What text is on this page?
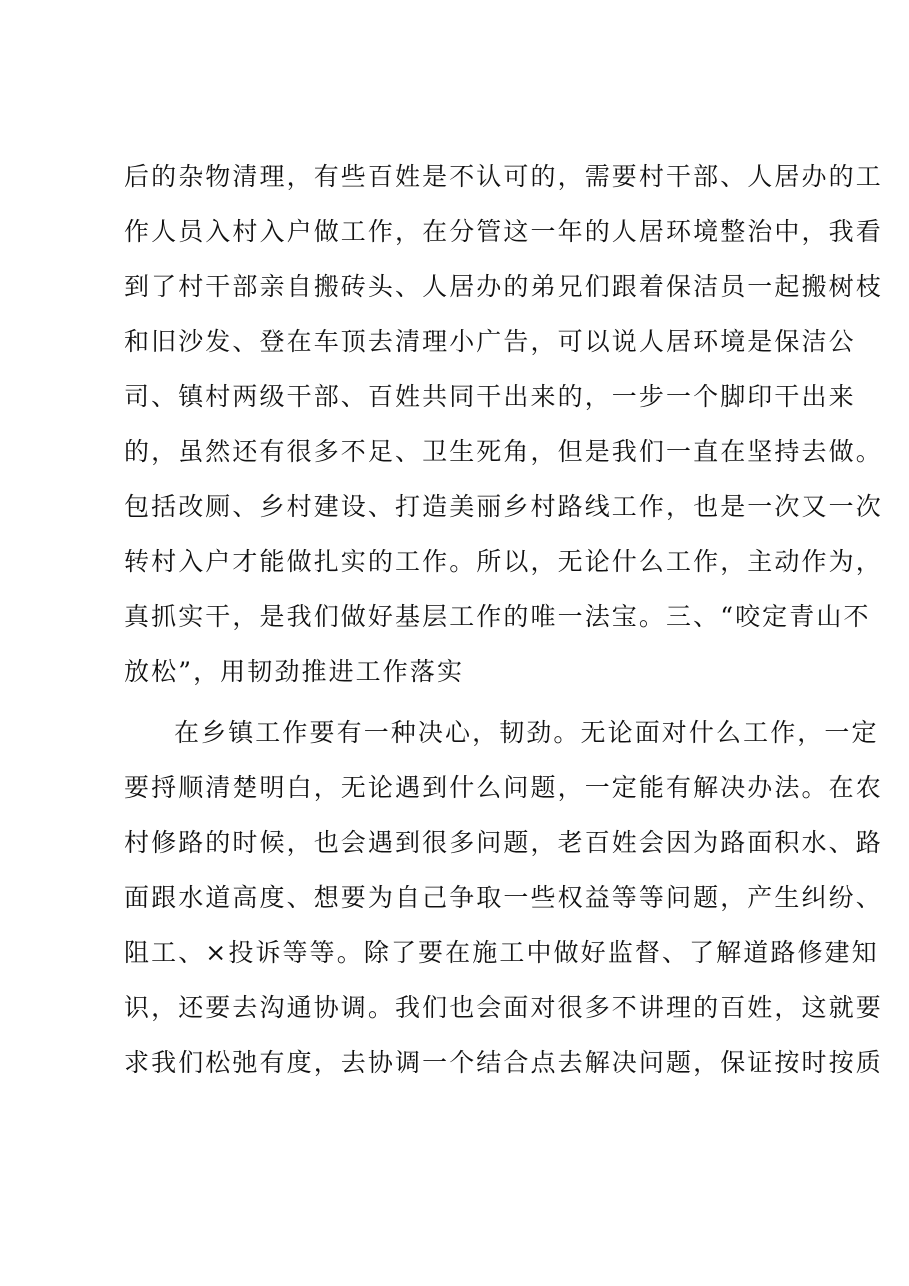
后的杂物清理，有些百姓是不认可的，需要村干部、人居办的工
作人员入村入户做工作，在分管这一年的人居环境整治中，我看
到了村干部亲自搬砖头、人居办的弟兄们跟着保洁员一起搬树枝
和旧沙发、登在车顶去清理小广告，可以说人居环境是保洁公
司、镇村两级干部、百姓共同干出来的，一步一个脚印干出来
的，虽然还有很多不足、卫生死角，但是我们一直在坚持去做。
包括改厕、乡村建设、打造美丽乡村路线工作，也是一次又一次
转村入户才能做扎实的工作。所以，无论什么工作，主动作为，
真抓实干，是我们做好基层工作的唯一法宝。三、“咬定青山不
放松”，用韧劲推进工作落实
在乡镇工作要有一种决心，韧劲。无论面对什么工作，一定
要捋顺清楚明白，无论遇到什么问题，一定能有解决办法。在农
村修路的时候，也会遇到很多问题，老百姓会因为路面积水、路
面跟水道高度、想要为自己争取一些权益等等问题，产生纠纷、
阻工、×投诉等等。除了要在施工中做好监督、了解道路修建知
识，还要去沟通协调。我们也会面对很多不讲理的百姓，这就要
求我们松弛有度，去协调一个结合点去解决问题，保证按时按质
